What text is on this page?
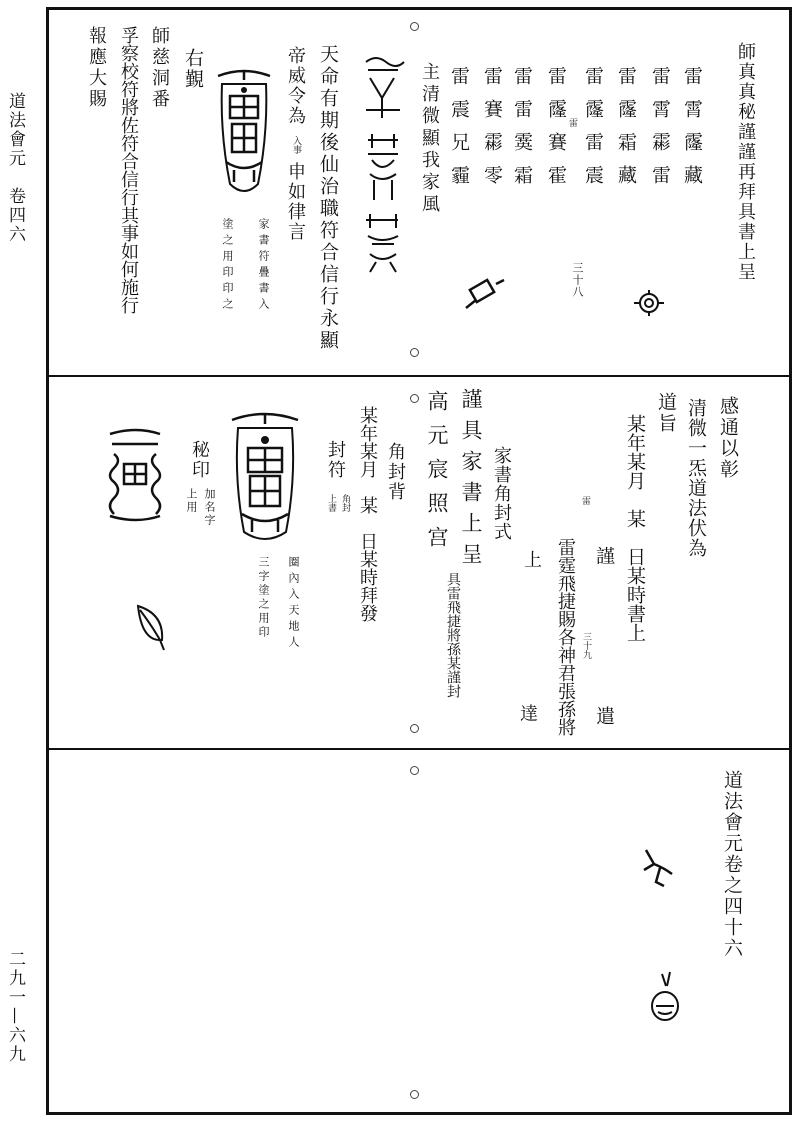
道法會元　卷四六
二九一—六九
師真真秘謹謹再拜具書上呈
雷霄霳藏
雷霄霦雷
雷霳霜藏
雷霳雷震
雷霳賽霍
雷雷霙霜
雷賽霦零
雷震兄霾
主清微顯我家風
三十八
雷
天命有期後仙治職符合信行永顯
帝威令為
入事
申如律言
家書符疊書入
塗之用印印之
右覲
師慈洞番
孚察校符將佐符合信行其事如何施行
報應大賜
感通以彰
清微一炁道法伏為
道旨
某年某月　某　日某時書上
謹
雷霆飛捷賜各神君張孫將 三十九
遣
雷
家書角封式
上
謹具家書上呈
達
高元宸照宫
具雷飛捷將孫某謹封
角封背
某年某月　某　日某時拜發
封符
角封
上書
圈內入天地人
三字塗之用印
秘印
加名字
上用
道法會元卷之四十六
